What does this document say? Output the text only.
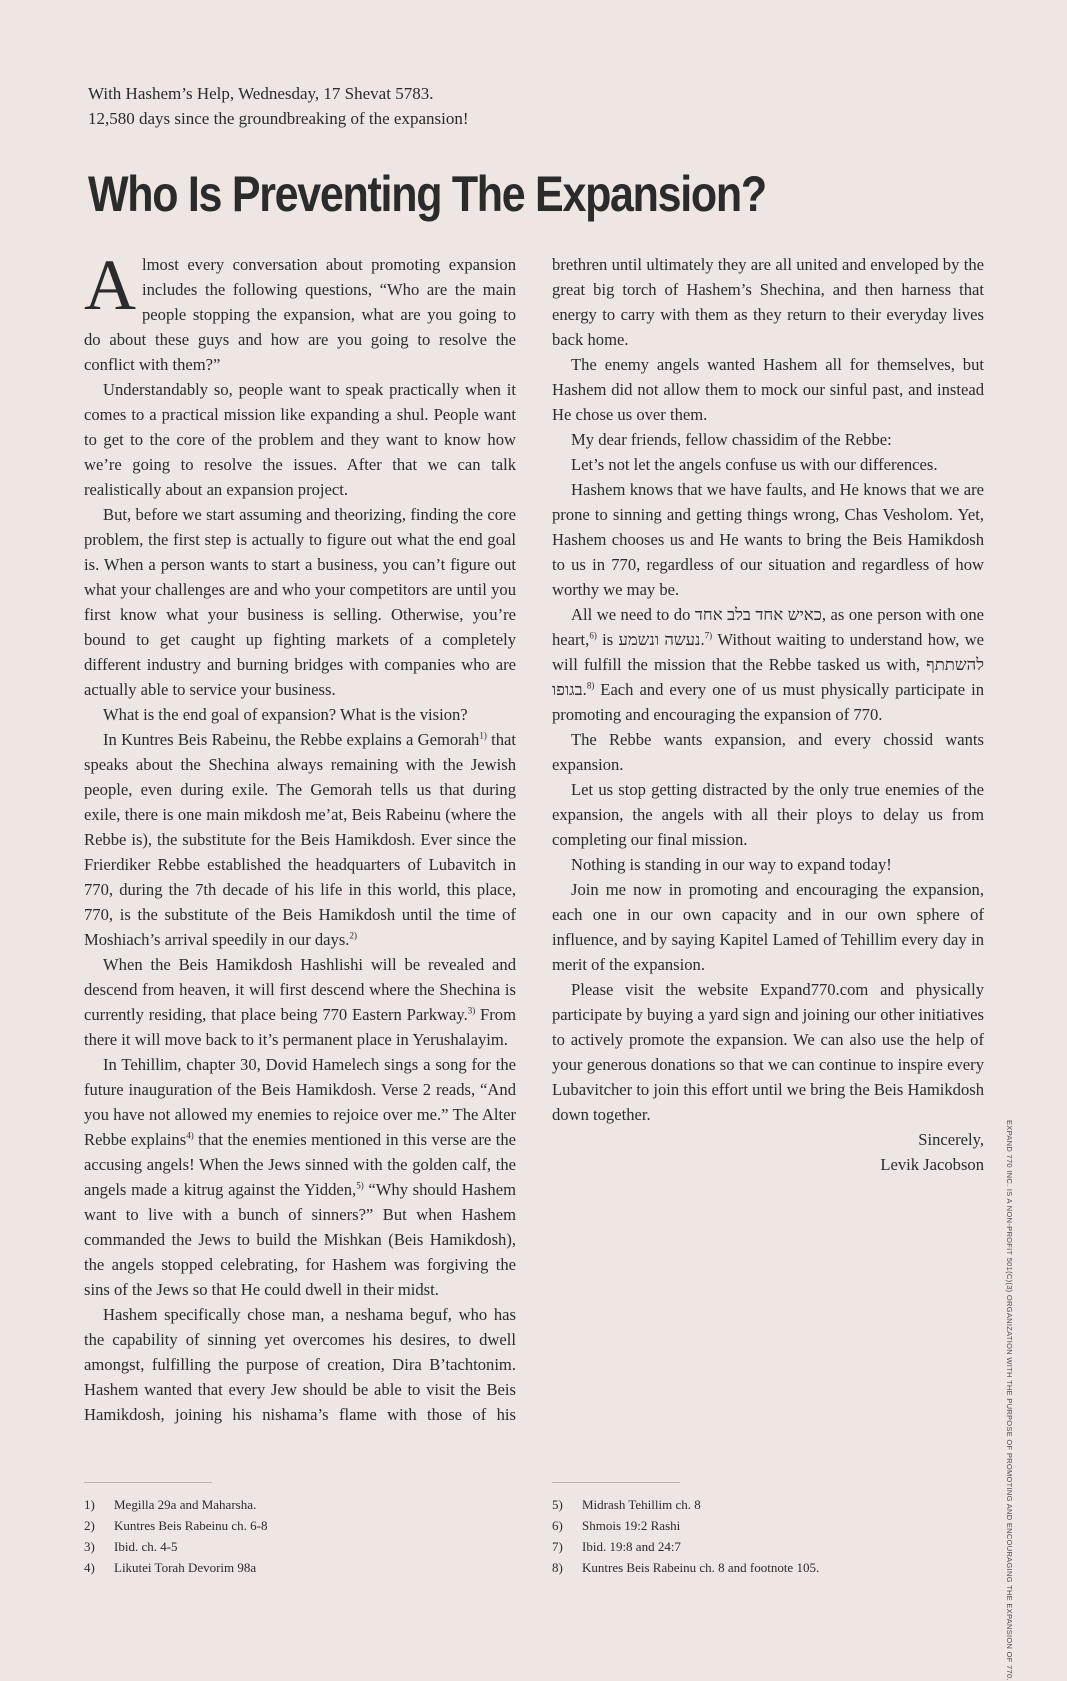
With Hashem’s Help, Wednesday, 17 Shevat 5783.
12,580 days since the groundbreaking of the expansion!
Who Is Preventing The Expansion?

Almost every conversation about promoting expansion includes the following questions, “Who are the main people stopping the expansion, what are you going to do about these guys and how are you going to resolve the conflict with them?”

Understandably so, people want to speak practically when it comes to a practical mission like expanding a shul. People want to get to the core of the problem and they want to know how we’re going to resolve the issues. After that we can talk realistically about an expansion project.

But, before we start assuming and theorizing, finding the core problem, the first step is actually to figure out what the end goal is. When a person wants to start a business, you can’t figure out what your challenges are and who your competitors are until you first know what your business is selling. Otherwise, you’re bound to get caught up fighting markets of a completely different industry and burning bridges with companies who are actually able to service your business.

What is the end goal of expansion? What is the vision?

In Kuntres Beis Rabeinu, the Rebbe explains a Gemorah$^{1)}$ that speaks about the Shechina always remaining with the Jewish people, even during exile. The Gemorah tells us that during exile, there is one main mikdosh me’at, Beis Rabeinu (where the Rebbe is), the substitute for the Beis Hamikdosh. Ever since the Frierdiker Rebbe established the headquarters of Lubavitch in 770, during the 7th decade of his life in this world, this place, 770, is the substitute of the Beis Hamikdosh until the time of Moshiach’s arrival speedily in our days.$^{2)}$

When the Beis Hamikdosh Hashlishi will be revealed and descend from heaven, it will first descend where the Shechina is currently residing, that place being 770 Eastern Parkway.$^{3)}$ From there it will move back to it’s permanent place in Yerushalayim.

In Tehillim, chapter 30, Dovid Hamelech sings a song for the future inauguration of the Beis Hamikdosh. Verse 2 reads, “And you have not allowed my enemies to rejoice over me.” The Alter Rebbe explains$^{4)}$ that the enemies mentioned in this verse are the accusing angels! When the Jews sinned with the golden calf, the angels made a kitrug against the Yidden,$^{5)}$ “Why should Hashem want to live with a bunch of sinners?” But when Hashem commanded the Jews to build the Mishkan (Beis Hamikdosh), the angels stopped celebrating, for Hashem was forgiving the sins of the Jews so that He could dwell in their midst.

Hashem specifically chose man, a neshama beguf, who has the capability of sinning yet overcomes his desires, to dwell amongst, fulfilling the purpose of creation, Dira B’tachtonim. Hashem wanted that every Jew should be able to visit the Beis Hamikdosh, joining his nishama’s flame with those of his brethren until ultimately they are all united and enveloped by the great big torch of Hashem’s Shechina, and then harness that energy to carry with them as they return to their everyday lives back home.

The enemy angels wanted Hashem all for themselves, but Hashem did not allow them to mock our sinful past, and instead He chose us over them.

My dear friends, fellow chassidim of the Rebbe:

Let’s not let the angels confuse us with our differences.

Hashem knows that we have faults, and He knows that we are prone to sinning and getting things wrong, Chas Vesholom. Yet, Hashem chooses us and He wants to bring the Beis Hamikdosh to us in 770, regardless of our situation and regardless of how worthy we may be.

All we need to do כאיש אחד בלב אחד, as one person with one heart,$^{6)}$ is נעשה ונשמע.$^{7)}$ Without waiting to understand how, we will fulfill the mission that the Rebbe tasked us with, להשתתף בגופו.$^{8)}$ Each and every one of us must physically participate in promoting and encouraging the expansion of 770.

The Rebbe wants expansion, and every chossid wants expansion.

Let us stop getting distracted by the only true enemies of the expansion, the angels with all their ploys to delay us from completing our final mission.

Nothing is standing in our way to expand today!

Join me now in promoting and encouraging the expansion, each one in our own capacity and in our own sphere of influence, and by saying Kapitel Lamed of Tehillim every day in merit of the expansion.

Please visit the website Expand770.com and physically participate by buying a yard sign and joining our other initiatives to actively promote the expansion. We can also use the help of your generous donations so that we can continue to inspire every Lubavitcher to join this effort until we bring the Beis Hamikdosh down together.

Sincerely,

Levik Jacobson

1)	Megilla 29a and Maharsha.
2)	Kuntres Beis Rabeinu ch. 6-8
3)	Ibid. ch. 4-5
4)	Likutei Torah Devorim 98a
5)	Midrash Tehillim ch. 8
6)	Shmois 19:2 Rashi
7)	Ibid. 19:8 and 24:7
8)	Kuntres Beis Rabeinu ch. 8 and footnote 105.	EXPAND 770 INC. IS A NON-PROFIT 501(C)(3) ORGANIZATION WITH THE PURPOSE OF PROMOTING AND ENCOURAGING THE EXPANSION OF 770.
